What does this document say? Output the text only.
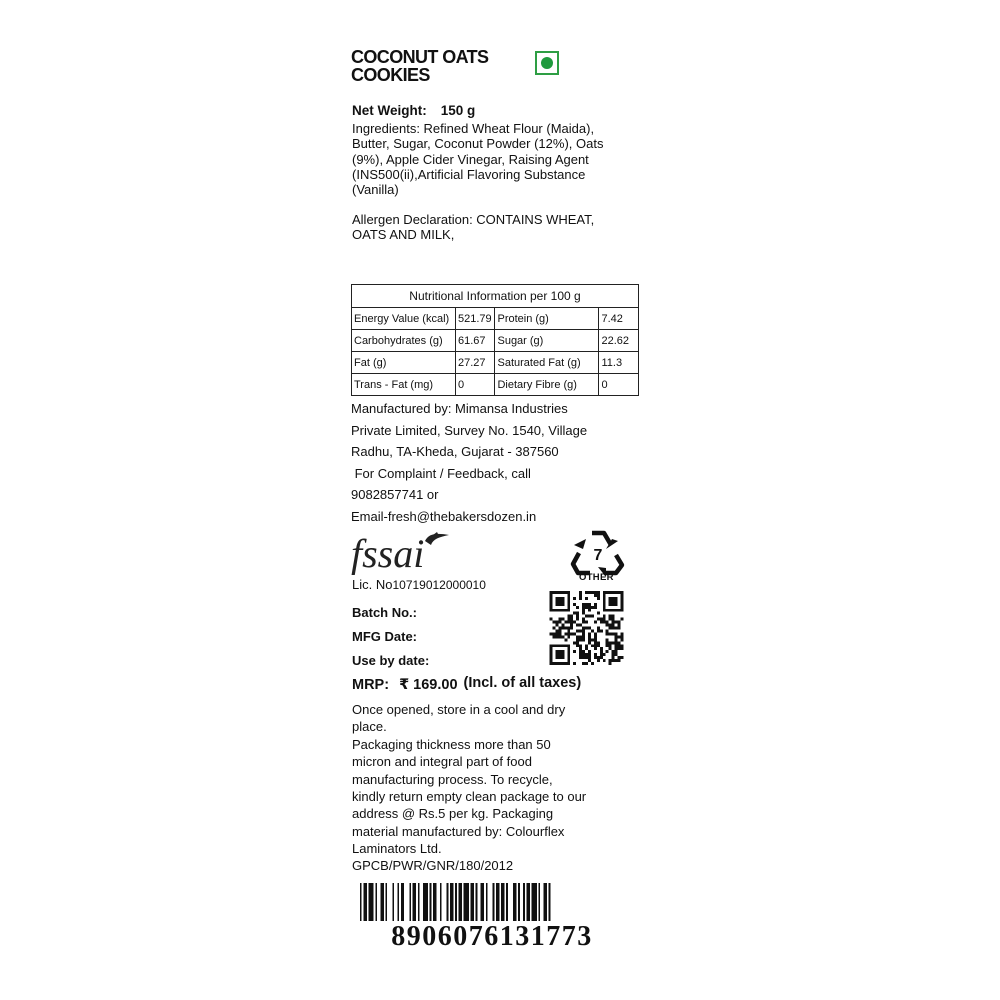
COCONUT OATS
COOKIES
Net Weight: 150 g
Ingredients: Refined Wheat Flour (Maida), Butter, Sugar, Coconut Powder (12%), Oats (9%), Apple Cider Vinegar, Raising Agent (INS500(ii),Artificial Flavoring Substance (Vanilla)
Allergen Declaration: CONTAINS WHEAT, OATS AND MILK,
Nutritional Information per 100 g			
Energy Value (kcal)	521.79	Protein (g)	7.42
Carbohydrates (g)	61.67	Sugar (g)	22.62
Fat (g)	27.27	Saturated Fat (g)	11.3
Trans - Fat (mg)	0	Dietary Fibre (g)	0
Manufactured by: Mimansa Industries
Private Limited, Survey No. 1540, Village
Radhu, TA-Kheda, Gujarat - 387560
For Complaint / Feedback, call
9082857741 or
Email-fresh@thebakersdozen.in
fssai	7
OTHER
Lic. No10719012000010
Batch No.:
MFG Date:
Use by date:
MRP: ₹ 169.00 (Incl. of all taxes)
Once opened, store in a cool and dry place.
Packaging thickness more than 50 micron and integral part of food manufacturing process. To recycle, kindly return empty clean package to our address @ Rs.5 per kg. Packaging material manufactured by: Colourflex Laminators Ltd.
GPCB/PWR/GNR/180/2012
8906076131773
